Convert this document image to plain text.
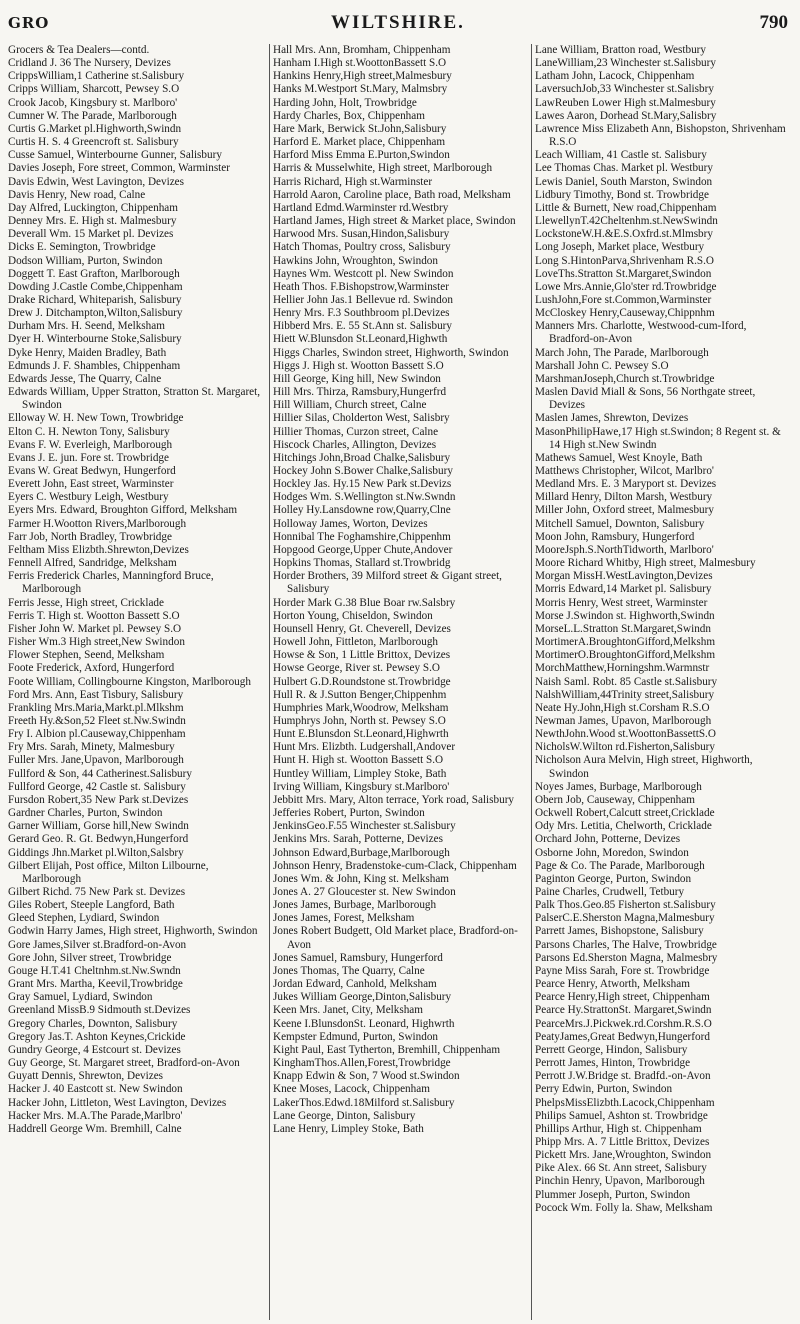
GRO	WILTSHIRE.	790
Grocers & Tea Dealers—contd.
Cridland J. 36 The Nursery, Devizes
CrippsWilliam,1 Catherine st.Salisbury
Cripps William, Sharcott, Pewsey S.O
Crook Jacob, Kingsbury st. Marlboro'
Cumner W. The Parade, Marlborough
Curtis G.Market pl.Highworth,Swindn
Curtis H. S. 4 Greencroft st. Salisbury
Cusse Samuel, Winterbourne Gunner, Salisbury
Davies Joseph, Fore street, Common, Warminster
Davis Edwin, West Lavington, Devizes
Davis Henry, New road, Calne
Day Alfred, Luckington, Chippenham
Denney Mrs. E. High st. Malmesbury
Deverall Wm. 15 Market pl. Devizes
Dicks E. Semington, Trowbridge
Dodson William, Purton, Swindon
Doggett T. East Grafton, Marlborough
Dowding J.Castle Combe,Chippenham
Drake Richard, Whiteparish, Salisbury
Drew J. Ditchampton,Wilton,Salisbury
Durham Mrs. H. Seend, Melksham
Dyer H. Winterbourne Stoke,Salisbury
Dyke Henry, Maiden Bradley, Bath
Edmunds J. F. Shambles, Chippenham
Edwards Jesse, The Quarry, Calne
Edwards William, Upper Stratton, Stratton St. Margaret, Swindon
Elloway W. H. New Town, Trowbridge
Elton C. H. Newton Tony, Salisbury
Evans F. W. Everleigh, Marlborough
Evans J. E. jun. Fore st. Trowbridge
Evans W. Great Bedwyn, Hungerford
Everett John, East street, Warminster
Eyers C. Westbury Leigh, Westbury
Eyers Mrs. Edward, Broughton Gifford, Melksham
Farmer H.Wootton Rivers,Marlborough
Farr Job, North Bradley, Trowbridge
Feltham Miss Elizbth.Shrewton,Devizes
Fennell Alfred, Sandridge, Melksham
Ferris Frederick Charles, Manningford Bruce, Marlborough
Ferris Jesse, High street, Cricklade
Ferris T. High st. Wootton Bassett S.O
Fisher John W. Market pl. Pewsey S.O
Fisher Wm.3 High street,New Swindon
Flower Stephen, Seend, Melksham
Foote Frederick, Axford, Hungerford
Foote William, Collingbourne Kingston, Marlborough
Ford Mrs. Ann, East Tisbury, Salisbury
Frankling Mrs.Maria,Markt.pl.Mlkshm
Freeth Hy.&Son,52 Fleet st.Nw.Swindn
Fry I. Albion pl.Causeway,Chippenham
Fry Mrs. Sarah, Minety, Malmesbury
Fuller Mrs. Jane,Upavon, Marlborough
Fullford & Son, 44 Catherinest.Salisbury
Fullford George, 42 Castle st. Salisbury
Fursdon Robert,35 New Park st.Devizes
Gardner Charles, Purton, Swindon
Garner William, Gorse hill,New Swindn
Gerard Geo. R. Gt. Bedwyn,Hungerford
Giddings Jhn.Market pl.Wilton,Salsbry
Gilbert Elijah, Post office, Milton Lilbourne, Marlborough
Gilbert Richd. 75 New Park st. Devizes
Giles Robert, Steeple Langford, Bath
Gleed Stephen, Lydiard, Swindon
Godwin Harry James, High street, Highworth, Swindon
Gore James,Silver st.Bradford-on-Avon
Gore John, Silver street, Trowbridge
Gouge H.T.41 Cheltnhm.st.Nw.Swndn
Grant Mrs. Martha, Keevil,Trowbridge
Gray Samuel, Lydiard, Swindon
Greenland MissB.9 Sidmouth st.Devizes
Gregory Charles, Downton, Salisbury
Gregory Jas.T. Ashton Keynes,Crickide
Gundry George, 4 Estcourt st. Devizes
Guy George, St. Margaret street, Bradford-on-Avon
Guyatt Dennis, Shrewton, Devizes
Hacker J. 40 Eastcott st. New Swindon
Hacker John, Littleton, West Lavington, Devizes
Hacker Mrs. M.A.The Parade,Marlbro'
Haddrell George Wm. Bremhill, Calne
Hall Mrs. Ann, Bromham, Chippenham
Hanham I.High st.WoottonBassett S.O
Hankins Henry,High street,Malmesbury
Hanks M.Westport St.Mary, Malmsbry
Harding John, Holt, Trowbridge
Hardy Charles, Box, Chippenham
Hare Mark, Berwick St.John,Salisbury
Harford E. Market place, Chippenham
Harford Miss Emma E.Purton,Swindon
Harris & Musselwhite, High street, Marlborough
Harris Richard, High st.Warminster
Harrold Aaron, Caroline place, Bath road, Melksham
Hartland Edmd.Warminster rd.Westbry
Hartland James, High street & Market place, Swindon
Harwood Mrs. Susan,Hindon,Salisbury
Hatch Thomas, Poultry cross, Salisbury
Hawkins John, Wroughton, Swindon
Haynes Wm. Westcott pl. New Swindon
Heath Thos. F.Bishopstrow,Warminster
Hellier John Jas.1 Bellevue rd. Swindon
Henry Mrs. F.3 Southbroom pl.Devizes
Hibberd Mrs. E. 55 St.Ann st. Salisbury
Hiett W.Blunsdon St.Leonard,Highwth
Higgs Charles, Swindon street, Highworth, Swindon
Higgs J. High st. Wootton Bassett S.O
Hill George, King hill, New Swindon
Hill Mrs. Thirza, Ramsbury,Hungerfrd
Hill William, Church street, Calne
Hillier Silas, Cholderton West, Salisbry
Hillier Thomas, Curzon street, Calne
Hiscock Charles, Allington, Devizes
Hitchings John,Broad Chalke,Salisbury
Hockey John S.Bower Chalke,Salisbury
Hockley Jas. Hy.15 New Park st.Devizs
Hodges Wm. S.Wellington st.Nw.Swndn
Holley Hy.Lansdowne row,Quarry,Clne
Holloway James, Worton, Devizes
Honnibal The Foghamshire,Chippenhm
Hopgood George,Upper Chute,Andover
Hopkins Thomas, Stallard st.Trowbridg
Horder Brothers, 39 Milford street & Gigant street, Salisbury
Horder Mark G.38 Blue Boar rw.Salsbry
Horton Young, Chiseldon, Swindon
Hounsell Henry, Gt. Cheverell, Devizes
Howell John, Fittleton, Marlborough
Howse & Son, 1 Little Brittox, Devizes
Howse George, River st. Pewsey S.O
Hulbert G.D.Roundstone st.Trowbridge
Hull R. & J.Sutton Benger,Chippenhm
Humphries Mark,Woodrow, Melksham
Humphrys John, North st. Pewsey S.O
Hunt E.Blunsdon St.Leonard,Highwrth
Hunt Mrs. Elizbth. Ludgershall,Andover
Hunt H. High st. Wootton Bassett S.O
Huntley William, Limpley Stoke, Bath
Irving William, Kingsbury st.Marlboro'
Jebbitt Mrs. Mary, Alton terrace, York road, Salisbury
Jefferies Robert, Purton, Swindon
JenkinsGeo.F.55 Winchester st.Salisbury
Jenkins Mrs. Sarah, Potterne, Devizes
Johnson Edward,Burbage,Marlborough
Johnson Henry, Bradenstoke-cum-Clack, Chippenham
Jones Wm. & John, King st. Melksham
Jones A. 27 Gloucester st. New Swindon
Jones James, Burbage, Marlborough
Jones James, Forest, Melksham
Jones Robert Budgett, Old Market place, Bradford-on-Avon
Jones Samuel, Ramsbury, Hungerford
Jones Thomas, The Quarry, Calne
Jordan Edward, Canhold, Melksham
Jukes William George,Dinton,Salisbury
Keen Mrs. Janet, City, Melksham
Keene I.BlunsdonSt. Leonard, Highwrth
Kempster Edmund, Purton, Swindon
Kight Paul, East Tytherton, Bremhill, Chippenham
KinghamThos.Allen,Forest,Trowbridge
Knapp Edwin & Son, 7 Wood st.Swindon
Knee Moses, Lacock, Chippenham
LakerThos.Edwd.18Milford st.Salisbury
Lane George, Dinton, Salisbury
Lane Henry, Limpley Stoke, Bath
Lane William, Bratton road, Westbury
LaneWilliam,23 Winchester st.Salisbury
Latham John, Lacock, Chippenham
LaversuchJob,33 Winchester st.Salisbry
LawReuben Lower High st.Malmesbury
Lawes Aaron, Dorhead St.Mary,Salisbry
Lawrence Miss Elizabeth Ann, Bishopston, Shrivenham R.S.O
Leach William, 41 Castle st. Salisbury
Lee Thomas Chas. Market pl. Westbury
Lewis Daniel, South Marston, Swindon
Lidbury Timothy, Bond st. Trowbridge
Little & Burnett, New road,Chippenham
LlewellynT.42Cheltenhm.st.NewSwindn
LockstoneW.H.&E.S.Oxfrd.st.Mlmsbry
Long Joseph, Market place, Westbury
Long S.HintonParva,Shrivenham R.S.O
LoveThs.Stratton St.Margaret,Swindon
Lowe Mrs.Annie,Glo'ster rd.Trowbridge
LushJohn,Fore st.Common,Warminster
McCloskey Henry,Causeway,Chippnhm
Manners Mrs. Charlotte, Westwood-cum-Iford, Bradford-on-Avon
March John, The Parade, Marlborough
Marshall John C. Pewsey S.O
MarshmanJoseph,Church st.Trowbridge
Maslen David Miall & Sons, 56 Northgate street, Devizes
Maslen James, Shrewton, Devizes
MasonPhilipHawe,17 High st.Swindon; 8 Regent st. & 14 High st.New Swindn
Mathews Samuel, West Knoyle, Bath
Matthews Christopher, Wilcot, Marlbro'
Medland Mrs. E. 3 Maryport st. Devizes
Millard Henry, Dilton Marsh, Westbury
Miller John, Oxford street, Malmesbury
Mitchell Samuel, Downton, Salisbury
Moon John, Ramsbury, Hungerford
MooreJsph.S.NorthTidworth, Marlboro'
Moore Richard Whitby, High street, Malmesbury
Morgan MissH.WestLavington,Devizes
Morris Edward,14 Market pl. Salisbury
Morris Henry, West street, Warminster
Morse J.Swindon st. Highworth,Swindn
MorseL.L.Stratton St.Margaret,Swindn
MortimerA.BroughtonGifford,Melkshm
MortimerO.BroughtonGifford,Melkshm
MorchMatthew,Horningshm.Warmnstr
Naish Saml. Robt. 85 Castle st.Salisbury
NalshWilliam,44Trinity street,Salisbury
Neate Hy.John,High st.Corsham R.S.O
Newman James, Upavon, Marlborough
NewthJohn.Wood st.WoottonBassettS.O
NicholsW.Wilton rd.Fisherton,Salisbury
Nicholson Aura Melvin, High street, Highworth, Swindon
Noyes James, Burbage, Marlborough
Obern Job, Causeway, Chippenham
Ockwell Robert,Calcutt street,Cricklade
Ody Mrs. Letitia, Chelworth, Cricklade
Orchard John, Potterne, Devizes
Osborne John, Moredon, Swindon
Page & Co. The Parade, Marlborough
Paginton George, Purton, Swindon
Paine Charles, Crudwell, Tetbury
Palk Thos.Geo.85 Fisherton st.Salisbury
PalserC.E.Sherston Magna,Malmesbury
Parrett James, Bishopstone, Salisbury
Parsons Charles, The Halve, Trowbridge
Parsons Ed.Sherston Magna, Malmesbry
Payne Miss Sarah, Fore st. Trowbridge
Pearce Henry, Atworth, Melksham
Pearce Henry,High street, Chippenham
Pearce Hy.StrattonSt. Margaret,Swindn
PearceMrs.J.Pickwek.rd.Corshm.R.S.O
PeatyJames,Great Bedwyn,Hungerford
Perrett George, Hindon, Salisbury
Perrott James, Hinton, Trowbridge
Perrott J.W.Bridge st. Bradfd.-on-Avon
Perry Edwin, Purton, Swindon
PhelpsMissElizbth.Lacock,Chippenham
Philips Samuel, Ashton st. Trowbridge
Phillips Arthur, High st. Chippenham
Phipp Mrs. A. 7 Little Brittox, Devizes
Pickett Mrs. Jane,Wroughton, Swindon
Pike Alex. 66 St. Ann street, Salisbury
Pinchin Henry, Upavon, Marlborough
Plummer Joseph, Purton, Swindon
Pocock Wm. Folly la. Shaw, Melksham
